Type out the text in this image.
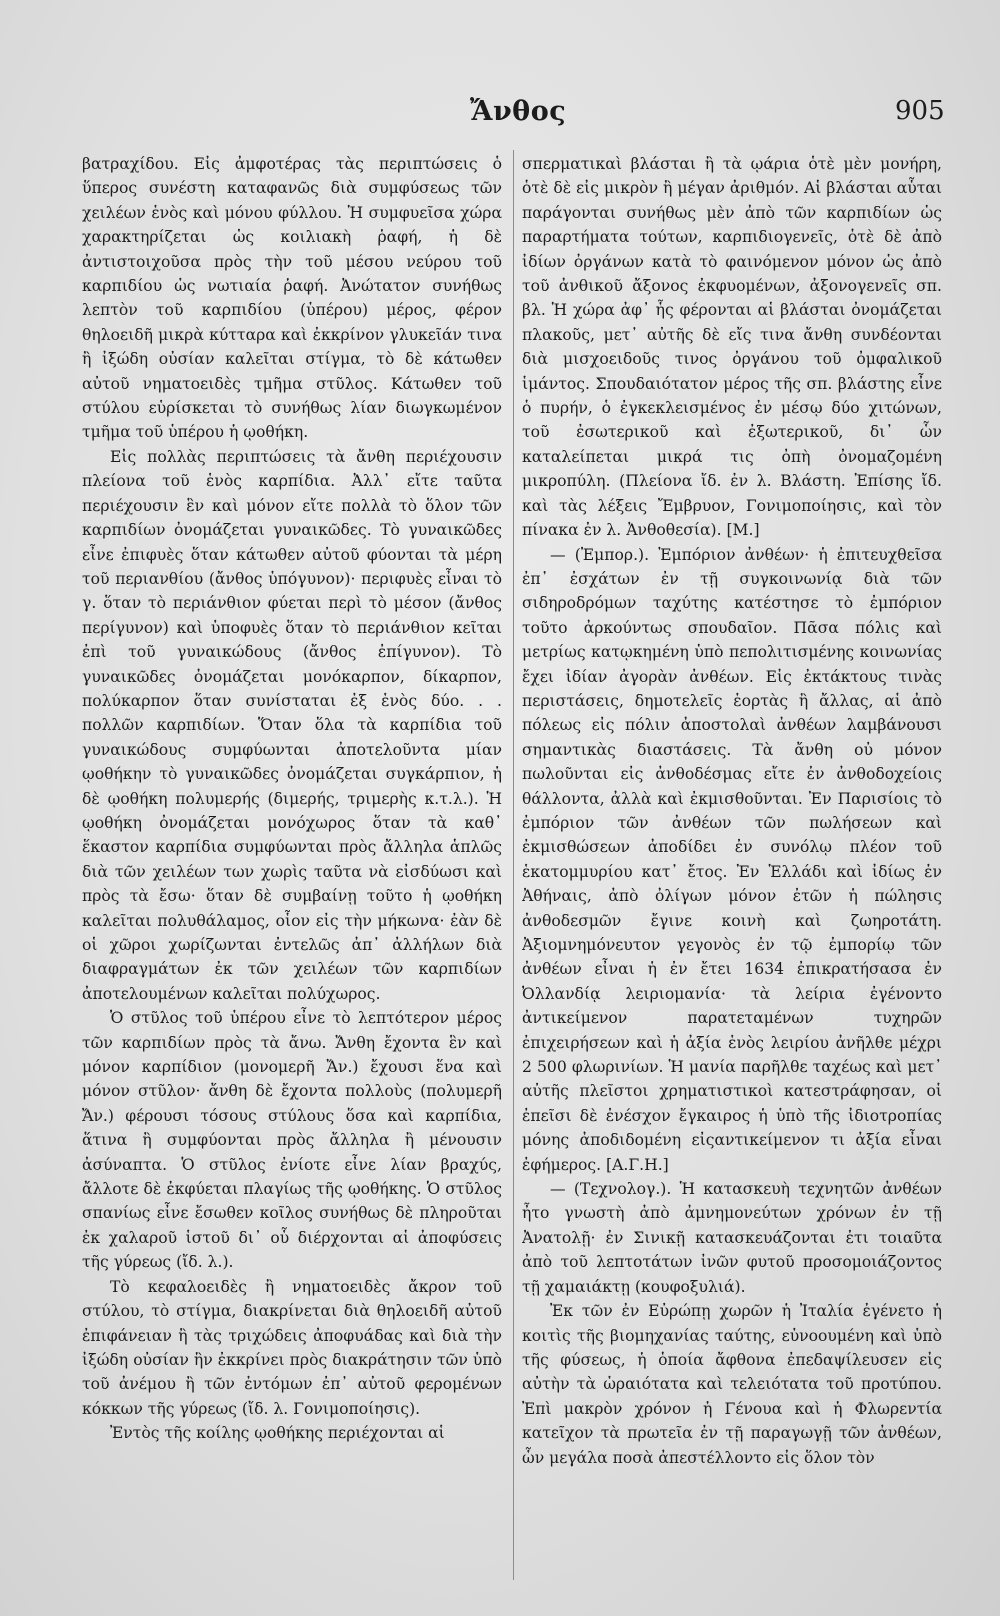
Ἄνθος	905

βατραχίδου. Εἰς ἀμφοτέρας τὰς περιπτώσεις ὁ ὕπερος συνέστη καταφανῶς διὰ συμφύσεως τῶν χειλέων ἑνὸς καὶ μόνου φύλλου. Ἡ συμφυεῖσα χώρα χαρακτηρίζεται ὡς κοιλιακὴ ῥαφή, ἡ δὲ ἀντιστοιχοῦσα πρὸς τὴν τοῦ μέσου νεύρου τοῦ καρπιδίου ὡς νωτιαία ῥαφή. Ἀνώτατον συνήθως λεπτὸν τοῦ καρπιδίου (ὑπέρου) μέρος, φέρον θηλοειδῆ μικρὰ κύτταρα καὶ ἐκκρίνον γλυκεῖάν τινα ἢ ἰξώδη οὐσίαν καλεῖται στίγμα, τὸ δὲ κάτωθεν αὐτοῦ νηματοειδὲς τμῆμα στῦλος. Κάτωθεν τοῦ στύλου εὑρίσκεται τὸ συνήθως λίαν διωγκωμένον τμῆμα τοῦ ὑπέρου ἡ ῳοθήκη.

Εἰς πολλὰς περιπτώσεις τὰ ἄνθη περιέχουσιν πλείονα τοῦ ἑνὸς καρπίδια. Ἀλλ᾽ εἴτε ταῦτα περιέχουσιν ἓν καὶ μόνον εἴτε πολλὰ τὸ ὅλον τῶν καρπιδίων ὀνομάζεται γυναικῶδες. Τὸ γυναικῶδες εἶνε ἐπιφυὲς ὅταν κάτωθεν αὐτοῦ φύονται τὰ μέρη τοῦ περιανθίου (ἄνθος ὑπόγυνον)· περιφυὲς εἶναι τὸ γ. ὅταν τὸ περιάνθιον φύεται περὶ τὸ μέσον (ἄνθος περίγυνον) καὶ ὑποφυὲς ὅταν τὸ περιάνθιον κεῖται ἐπὶ τοῦ γυναικώδους (ἄνθος ἐπίγυνον). Τὸ γυναικῶδες ὀνομάζεται μονόκαρπον, δίκαρπον, πολύκαρπον ὅταν συνίσταται ἐξ ἑνὸς δύο. . . πολλῶν καρπιδίων. Ὅταν ὅλα τὰ καρπίδια τοῦ γυναικώδους συμφύωνται ἀποτελοῦντα μίαν ῳοθήκην τὸ γυναικῶδες ὀνομάζεται συγκάρπιον, ἡ δὲ ῳοθήκη πολυμερής (διμερής, τριμερὴς κ.τ.λ.). Ἡ ῳοθήκη ὀνομάζεται μονόχωρος ὅταν τὰ καθ᾽ ἕκαστον καρπίδια συμφύωνται πρὸς ἄλληλα ἁπλῶς διὰ τῶν χειλέων των χωρὶς ταῦτα νὰ εἰσδύωσι καὶ πρὸς τὰ ἔσω· ὅταν δὲ συμβαίνῃ τοῦτο ἡ ῳοθήκη καλεῖται πολυθάλαμος, οἷον εἰς τὴν μήκωνα· ἐὰν δὲ οἱ χῶροι χωρίζωνται ἐντελῶς ἀπ᾽ ἀλλήλων διὰ διαφραγμάτων ἐκ τῶν χειλέων τῶν καρπιδίων ἀποτελουμένων καλεῖται πολύχωρος.

Ὁ στῦλος τοῦ ὑπέρου εἶνε τὸ λεπτότερον μέρος τῶν καρπιδίων πρὸς τὰ ἄνω. Ἄνθη ἔχοντα ἓν καὶ μόνον καρπίδιον (μονομερῆ Ἄν.) ἔχουσι ἕνα καὶ μόνον στῦλον· ἄνθη δὲ ἔχοντα πολλοὺς (πολυμερῆ Ἄν.) φέρουσι τόσους στύλους ὅσα καὶ καρπίδια, ἅτινα ἢ συμφύονται πρὸς ἄλληλα ἢ μένουσιν ἀσύναπτα. Ὁ στῦλος ἐνίοτε εἶνε λίαν βραχύς, ἄλλοτε δὲ ἐκφύεται πλαγίως τῆς ῳοθήκης. Ὁ στῦλος σπανίως εἶνε ἔσωθεν κοῖλος συνήθως δὲ πληροῦται ἐκ χαλαροῦ ἱστοῦ δι᾽ οὗ διέρχονται αἱ ἀποφύσεις τῆς γύρεως (ἴδ. λ.).

Τὸ κεφαλοειδὲς ἢ νηματοειδὲς ἄκρον τοῦ στύλου, τὸ στίγμα, διακρίνεται διὰ θηλοειδῆ αὐτοῦ ἐπιφάνειαν ἢ τὰς τριχώδεις ἀποφυάδας καὶ διὰ τὴν ἰξώδη οὐσίαν ἣν ἐκκρίνει πρὸς διακράτησιν τῶν ὑπὸ τοῦ ἀνέμου ἢ τῶν ἐντόμων ἐπ᾽ αὐτοῦ φερομένων κόκκων τῆς γύρεως (ἴδ. λ. Γονιμοποίησις).

Ἐντὸς τῆς κοίλης ῳοθήκης περιέχονται αἱ

σπερματικαὶ βλάσται ἢ τὰ ῳάρια ὁτὲ μὲν μονήρη, ὁτὲ δὲ εἰς μικρὸν ἢ μέγαν ἀριθμόν. Αἱ βλάσται αὗται παράγονται συνήθως μὲν ἀπὸ τῶν καρπιδίων ὡς παραρτήματα τούτων, καρπιδιογενεῖς, ὁτὲ δὲ ἀπὸ ἰδίων ὀργάνων κατὰ τὸ φαινόμενον μόνον ὡς ἀπὸ τοῦ ἀνθικοῦ ἄξονος ἐκφυομένων, ἀξονογενεῖς σπ. βλ. Ἡ χώρα ἀφ᾽ ἧς φέρονται αἱ βλάσται ὀνομάζεται πλακοῦς, μετ᾽ αὐτῆς δὲ εἴς τινα ἄνθη συνδέονται διὰ μισχοειδοῦς τινος ὀργάνου τοῦ ὀμφαλικοῦ ἱμάντος. Σπουδαιότατον μέρος τῆς σπ. βλάστης εἶνε ὁ πυρήν, ὁ ἐγκεκλεισμένος ἐν μέσῳ δύο χιτώνων, τοῦ ἐσωτερικοῦ καὶ ἐξωτερικοῦ, δι᾽ ὧν καταλείπεται μικρά τις ὀπὴ ὀνομαζομένη μικροπύλη. (Πλείονα ἴδ. ἐν λ. Βλάστη. Ἐπίσης ἴδ. καὶ τὰς λέξεις Ἔμβρυον, Γονιμοποίησις, καὶ τὸν πίνακα ἐν λ. Ἀνθοθεσία). [Μ.]

— (Ἐμπορ.). Ἐμπόριον ἀνθέων· ἡ ἐπιτευχθεῖσα ἐπ᾽ ἐσχάτων ἐν τῇ συγκοινωνίᾳ διὰ τῶν σιδηροδρόμων ταχύτης κατέστησε τὸ ἐμπόριον τοῦτο ἀρκούντως σπουδαῖον. Πᾶσα πόλις καὶ μετρίως κατῳκημένη ὑπὸ πεπολιτισμένης κοινωνίας ἔχει ἰδίαν ἀγορὰν ἀνθέων. Εἰς ἐκτάκτους τινὰς περιστάσεις, δημοτελεῖς ἑορτὰς ἢ ἄλλας, αἱ ἀπὸ πόλεως εἰς πόλιν ἀποστολαὶ ἀνθέων λαμβάνουσι σημαντικὰς διαστάσεις. Τὰ ἄνθη οὐ μόνον πωλοῦνται εἰς ἀνθοδέσμας εἴτε ἐν ἀνθοδοχείοις θάλλοντα, ἀλλὰ καὶ ἐκμισθοῦνται. Ἐν Παρισίοις τὸ ἐμπόριον τῶν ἀνθέων τῶν πωλήσεων καὶ ἐκμισθώσεων ἀποδίδει ἐν συνόλῳ πλέον τοῦ ἑκατομμυρίου κατ᾽ ἔτος. Ἐν Ἑλλάδι καὶ ἰδίως ἐν Ἀθήναις, ἀπὸ ὀλίγων μόνον ἐτῶν ἡ πώλησις ἀνθοδεσμῶν ἔγινε κοινὴ καὶ ζωηροτάτη. Ἀξιομνημόνευτον γεγονὸς ἐν τῷ ἐμπορίῳ τῶν ἀνθέων εἶναι ἡ ἐν ἔτει 1634 ἐπικρατήσασα ἐν Ὀλλανδίᾳ λειριομανία· τὰ λείρια ἐγένοντο ἀντικείμενον παρατεταμένων τυχηρῶν ἐπιχειρήσεων καὶ ἡ ἀξία ἑνὸς λειρίου ἀνῆλθε μέχρι 2 500 φλωρινίων. Ἡ μανία παρῆλθε ταχέως καὶ μετ᾽ αὐτῆς πλεῖστοι χρηματιστικοὶ κατεστράφησαν, οἱ ἐπεῖσι δὲ ἐνέσχον ἔγκαιρος ἡ ὑπὸ τῆς ἰδιοτροπίας μόνης ἀποδιδομένη εἰςαντικείμενον τι ἀξία εἶναι ἐφήμερος. [Α.Γ.Η.]

— (Τεχνολογ.). Ἡ κατασκευὴ τεχνητῶν ἀνθέων ἦτο γνωστὴ ἀπὸ ἀμνημονεύτων χρόνων ἐν τῇ Ἀνατολῇ· ἐν Σινικῇ κατασκευάζονται ἐτι τοιαῦτα ἀπὸ τοῦ λεπτοτάτων ἰνῶν φυτοῦ προσομοιάζοντος τῇ χαμαιάκτῃ (κουφοξυλιά).

Ἐκ τῶν ἐν Εὐρώπῃ χωρῶν ἡ Ἰταλία ἐγένετο ἡ κοιτὶς τῆς βιομηχανίας ταύτης, εὐνοουμένη καὶ ὑπὸ τῆς φύσεως, ἡ ὁποία ἄφθονα ἐπεδαψίλευσεν εἰς αὐτὴν τὰ ὡραιότατα καὶ τελειότατα τοῦ προτύπου. Ἐπὶ μακρὸν χρόνον ἡ Γένουα καὶ ἡ Φλωρεντία κατεῖχον τὰ πρωτεῖα ἐν τῇ παραγωγῇ τῶν ἀνθέων, ὧν μεγάλα ποσὰ ἀπεστέλλοντο εἰς ὅλον τὸν
